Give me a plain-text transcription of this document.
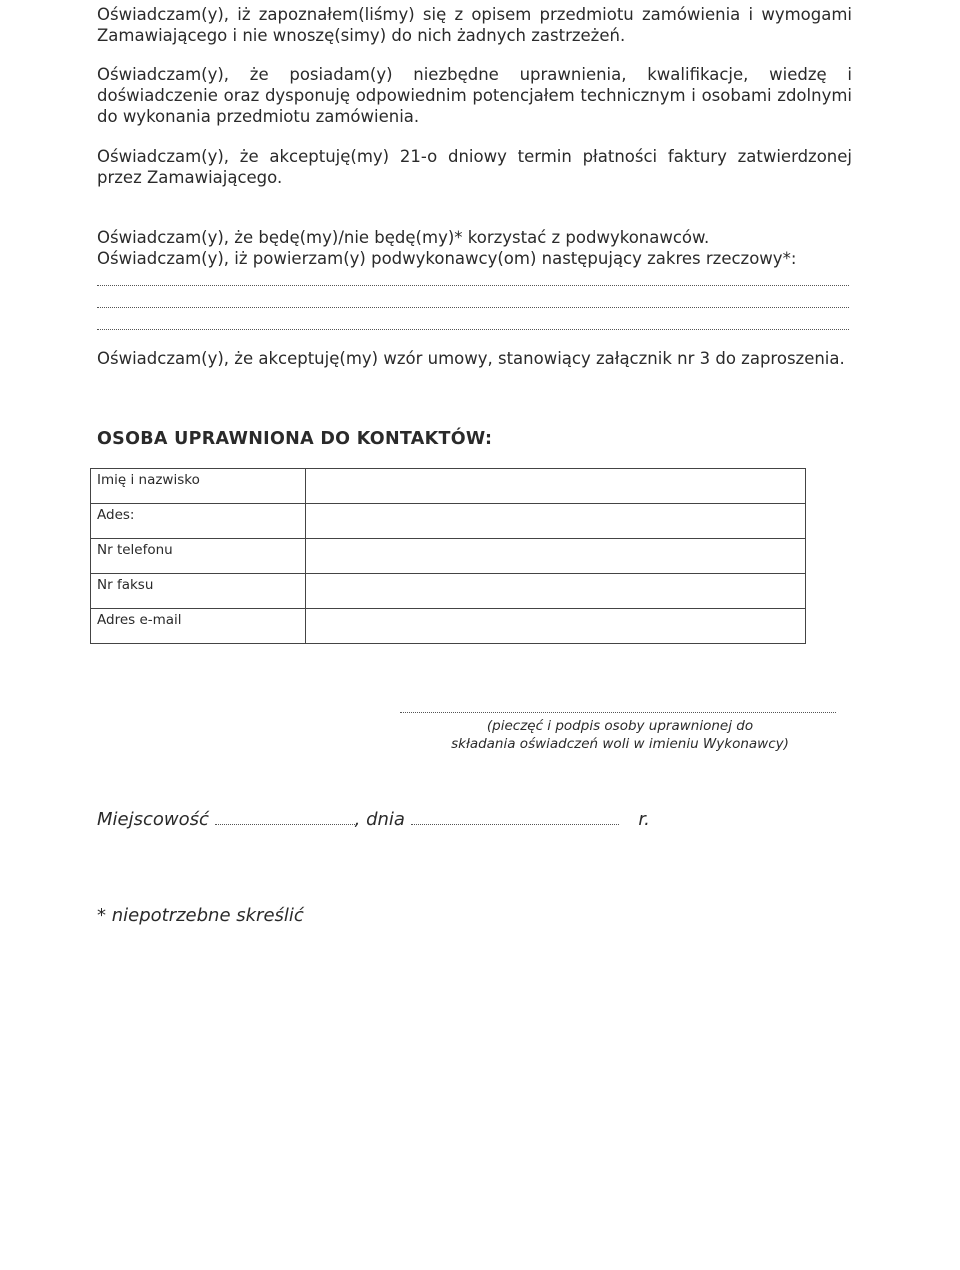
Oświadczam(y), iż zapoznałem(liśmy) się z opisem przedmiotu zamówienia i wymogami Zamawiającego i nie wnoszę(simy) do nich żadnych zastrzeżeń.

Oświadczam(y), że posiadam(y) niezbędne uprawnienia, kwalifikacje, wiedzę i doświadczenie oraz dysponuję odpowiednim potencjałem technicznym i osobami zdolnymi do wykonania przedmiotu zamówienia.

Oświadczam(y), że akceptuję(my) 21-o dniowy termin płatności faktury zatwierdzonej przez Zamawiającego.

Oświadczam(y), że będę(my)/nie będę(my)* korzystać z podwykonawców.

Oświadczam(y), iż powierzam(y) podwykonawcy(om) następujący zakres rzeczowy*:

Oświadczam(y), że akceptuję(my) wzór umowy, stanowiący załącznik nr 3 do zaproszenia.

OSOBA UPRAWNIONA DO KONTAKTÓW:
Imię i nazwisko	
Ades:	
Nr telefonu	
Nr faksu	
Adres e-mail	

(pieczęć i podpis osoby uprawnionej do
składania oświadczeń woli w imieniu Wykonawcy)

Miejscowość	, dnia	r.

* niepotrzebne skreślić
